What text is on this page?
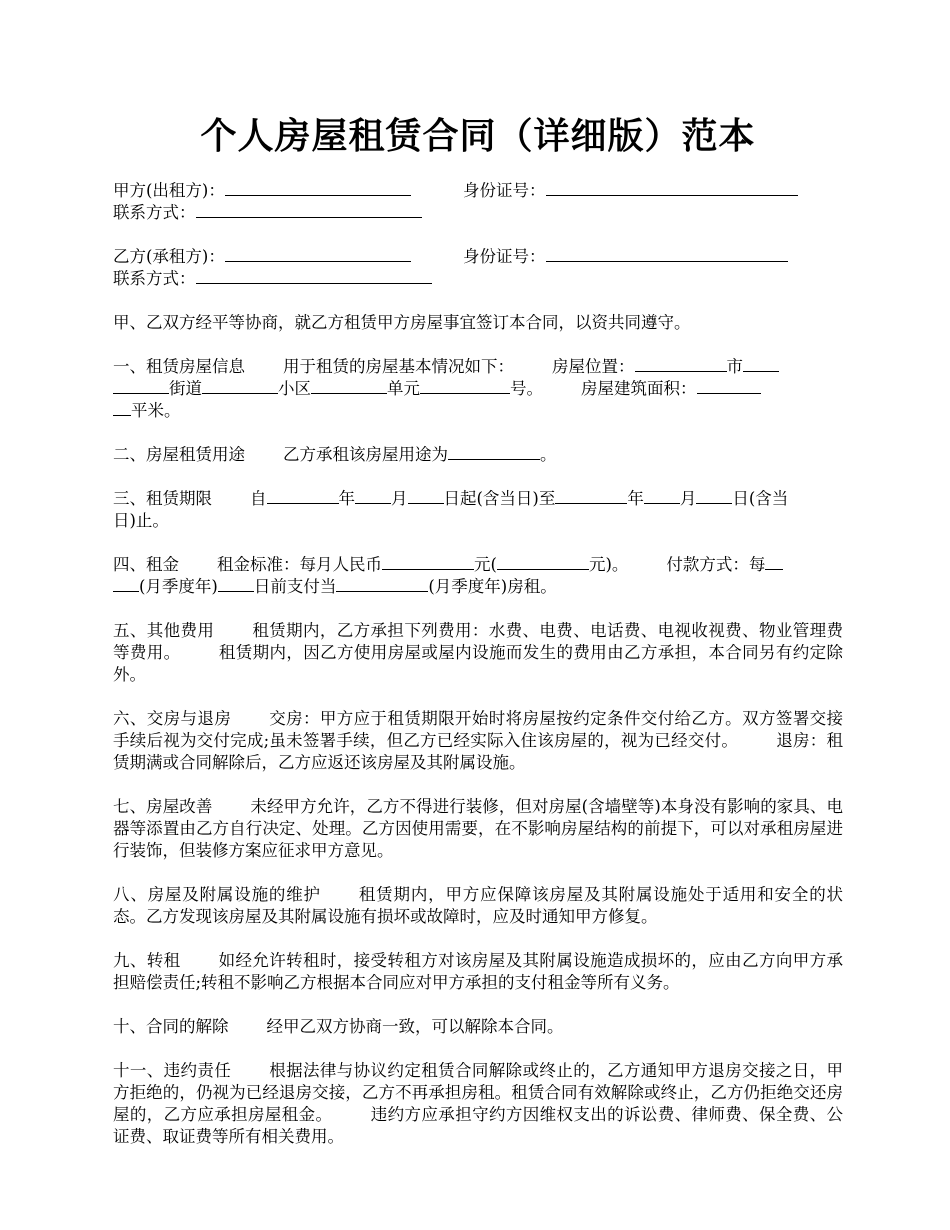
个人房屋租赁合同（详细版）范本
甲方(出租方)：	身份证号：
联系方式：
乙方(承租方)：	身份证号：
联系方式：

甲、乙双方经平等协商，就乙方租赁甲方房屋事宜签订本合同，以资共同遵守。

一、租赁房屋信息 用于租赁的房屋基本情况如下： 房屋位置：	市
街道	小区	单元	号。 房屋建筑面积：
平米。

二、房屋租赁用途 乙方承租该房屋用途为	。

三、租赁期限 自	年 月 日起(含当日)至	年 月 日(含当
日)止。

四、租金 租金标准：每月人民币	元(	元)。 付款方式：每
(月季度年) 日前支付当	(月季度年)房租。

五、其他费用 租赁期内，乙方承担下列费用：水费、电费、电话费、电视收视费、物业管理费等费用。 租赁期内，因乙方使用房屋或屋内设施而发生的费用由乙方承担，本合同另有约定除外。

六、交房与退房 交房：甲方应于租赁期限开始时将房屋按约定条件交付给乙方。双方签署交接手续后视为交付完成;虽未签署手续，但乙方已经实际入住该房屋的，视为已经交付。 退房：租赁期满或合同解除后，乙方应返还该房屋及其附属设施。

七、房屋改善 未经甲方允许，乙方不得进行装修，但对房屋(含墙壁等)本身没有影响的家具、电器等添置由乙方自行决定、处理。乙方因使用需要，在不影响房屋结构的前提下，可以对承租房屋进行装饰，但装修方案应征求甲方意见。

八、房屋及附属设施的维护 租赁期内，甲方应保障该房屋及其附属设施处于适用和安全的状态。乙方发现该房屋及其附属设施有损坏或故障时，应及时通知甲方修复。

九、转租 如经允许转租时，接受转租方对该房屋及其附属设施造成损坏的，应由乙方向甲方承担赔偿责任;转租不影响乙方根据本合同应对甲方承担的支付租金等所有义务。

十、合同的解除 经甲乙双方协商一致，可以解除本合同。

十一、违约责任 根据法律与协议约定租赁合同解除或终止的，乙方通知甲方退房交接之日，甲方拒绝的，仍视为已经退房交接，乙方不再承担房租。租赁合同有效解除或终止，乙方仍拒绝交还房屋的，乙方应承担房屋租金。 违约方应承担守约方因维权支出的诉讼费、律师费、保全费、公证费、取证费等所有相关费用。
